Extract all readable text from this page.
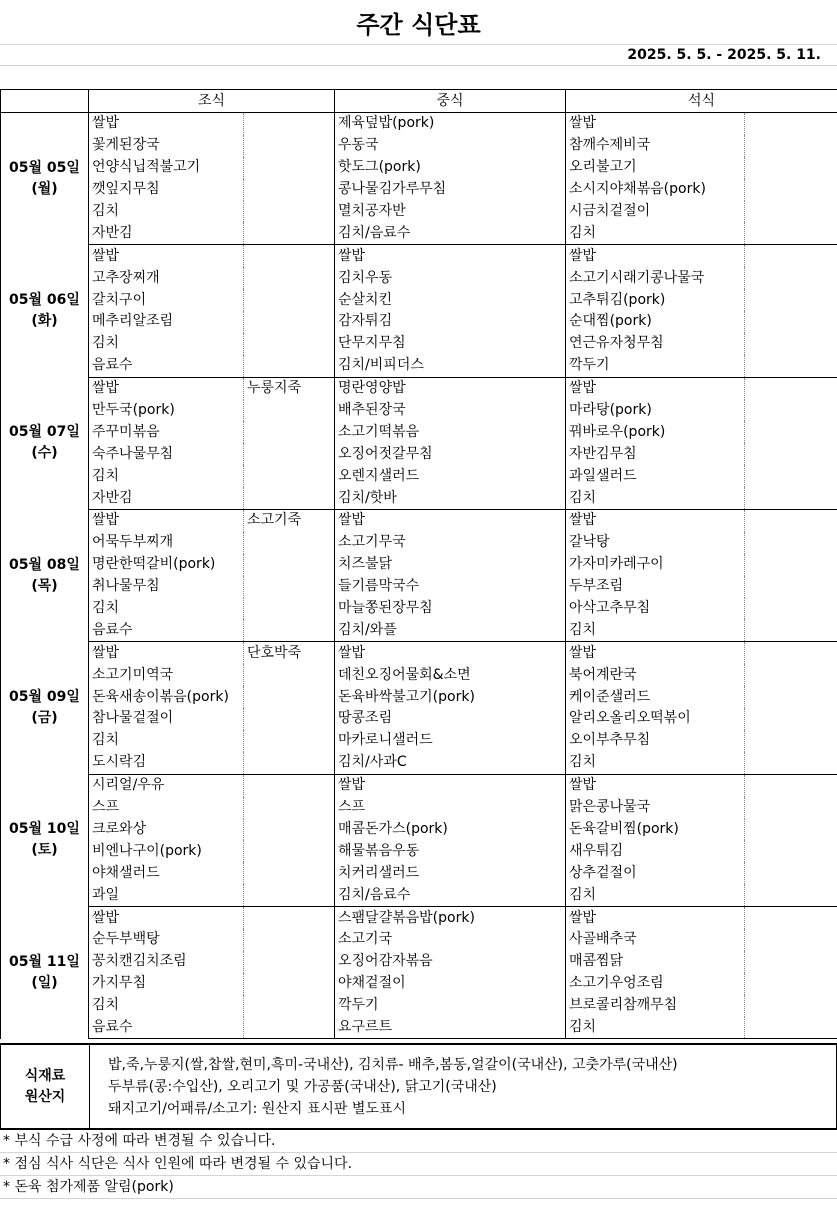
주간 식단표
2025. 5. 5. - 2025. 5. 11.
	조식		중식	석식	

05월 05일
(월)	쌀밥		제육덮밥(pork)	쌀밥	
	꽃게된장국		우동국	참깨수제비국	
	언양식닙적불고기		핫도그(pork)	오리불고기	
	깻잎지무침		콩나물김가루무침	소시지야채볶음(pork)	
	김치		멸치공자반	시금치겉절이	
	자반김		김치/음료수	김치	

05월 06일
(화)	쌀밥		쌀밥	쌀밥	
	고추장찌개		김치우동	소고기시래기콩나물국	
	갈치구이		순살치킨	고추튀김(pork)	
	메추리알조림		감자튀김	순대찜(pork)	
	김치		단무지무침	연근유자청무침	
	음료수		김치/비피더스	깍두기	

05월 07일
(수)	쌀밥	누룽지죽	명란영양밥	쌀밥	
	만두국(pork)		배추된장국	마라탕(pork)	
	주꾸미볶음		소고기떡볶음	꿔바로우(pork)	
	숙주나물무침		오징어젓갈무침	자반김무침	
	김치		오렌지샐러드	과일샐러드	
	자반김		김치/핫바	김치	

05월 08일
(목)	쌀밥	소고기죽	쌀밥	쌀밥	
	어묵두부찌개		소고기무국	갈낙탕	
	명란한떡갈비(pork)		치즈불닭	가자미카레구이	
	취나물무침		들기름막국수	두부조림	
	김치		마늘쫑된장무침	아삭고추무침	
	음료수		김치/와플	김치	

05월 09일
(금)	쌀밥	단호박죽	쌀밥	쌀밥	
	소고기미역국		데친오징어물회&소면	북어계란국	
	돈육새송이볶음(pork)		돈육바싹불고기(pork)	케이준샐러드	
	참나물겉절이		땅콩조림	알리오올리오떡볶이	
	김치		마카로니샐러드	오이부추무침	
	도시락김		김치/사과C	김치	

05월 10일
(토)	시리얼/우유		쌀밥	쌀밥	
	스프		스프	맑은콩나물국	
	크로와상		매콤돈가스(pork)	돈육갈비찜(pork)	
	비엔나구이(pork)		해물볶음우동	새우튀김	
	야채샐러드		치커리샐러드	상추겉절이	
	과일		김치/음료수	김치	

05월 11일
(일)	쌀밥		스팸달걀볶음밥(pork)	쌀밥	
	순두부백탕		소고기국	사골배추국	
	꽁치캔김치조림		오징어감자볶음	매콤찜닭	
	가지무침		야채겉절이	소고기우엉조림	
	김치		깍두기	브로콜리참깨무침	
	음료수		요구르트	김치	
식재료
원산지
밥,죽,누룽지(쌀,찹쌀,현미,흑미-국내산), 김치류- 배추,봄동,얼갈이(국내산), 고춧가루(국내산)
두부류(콩:수입산), 오리고기 및 가공품(국내산), 닭고기(국내산)
돼지고기/어패류/소고기: 원산지 표시판 별도표시
* 부식 수급 사정에 따라 변경될 수 있습니다.
* 점심 식사 식단은 식사 인원에 따라 변경될 수 있습니다.
* 돈육 첨가제품 알림(pork)
